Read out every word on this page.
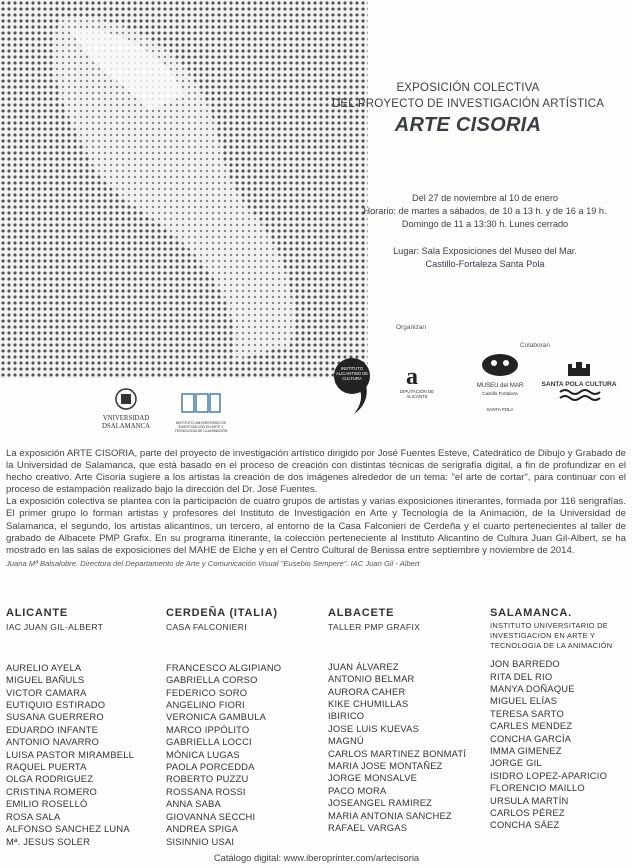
EXPOSICIÓN COLECTIVA
DEL PROYECTO DE INVESTIGACIÓN ARTÍSTICA
ARTE CISORIA
Del 27 de noviembre al 10 de enero
Horario: de martes a sábados, de 10 a 13 h. y de 16 a 19 h.
Domingo de 11 a 13:30 h. Lunes cerrado
Lugar: Sala Exposiciones del Museo del Mar.
Castillo-Fortaleza Santa Pola
Organizan
Colaboran
INSTITUTO ALICANTINO DE CULTURA	a
DIPUTACIÓN DE ALICANTE
MUSEU del MAR
Castillo Fortaleza
SANTA POLA
SANTA POLA CULTURA
VNIVERSIDAD
DSALAMANCA	INSTITUTO UNIVERSITARIO DE INVESTIGACIÓN EN ARTE Y TECNOLOGÍA DE LA ANIMACIÓN

La exposición ARTE CISORIA, parte del proyecto de investigación artístico dirigido por José Fuentes Esteve, Catedrático de Dibujo y Grabado de la Universidad de Salamanca, que está basado en el proceso de creación con distintas técnicas de serigrafía digital, a fin de profundizar en el hecho creativo. Arte Cisoria sugiere a los artistas la creación de dos imágenes alrededor de un tema: "el arte de cortar", para continuar con el proceso de estampación realizado bajo la dirección del Dr. José Fuentes.

La exposición colectiva se plantea con la participación de cuatro grupos de artistas y varias exposiciones itinerantes, formada por 116 serigrafías. El primer grupo lo forman artistas y profesores del Instituto de Investigación en Arte y Tecnología de la Animación, de la Universidad de Salamanca, el segundo, los artistas alicantinos, un tercero, al entorno de la Casa Falconieri de Cerdeña y el cuarto pertenecientes al taller de grabado de Albacete PMP Grafix. En su programa itinerante, la colección perteneciente al Instituto Alicantino de Cultura Juan Gil-Albert, se ha mostrado en las salas de exposiciones del MAHE de Elche y en el Centro Cultural de Benissa entre septiembre y noviembre de 2014.

Juana Mª Balsalobre. Directora del Departamento de Arte y Comunicación Visual "Eusebio Sempere". IAC Juan Gil - Albert
ALICANTE
IAC JUAN GIL-ALBERT
AURELIO AYELA
MIGUEL BAÑULS
VICTOR CAMARA
EUTIQUIO ESTIRADO
SUSANA GUERRERO
EDUARDO INFANTE
ANTONIO NAVARRO
LUISA PASTOR MIRAMBELL
RAQUEL PUERTA
OLGA RODRIGUEZ
CRISTINA ROMERO
EMILIO ROSELLÓ
ROSA SALA
ALFONSO SANCHEZ LUNA
Mª. JESUS SOLER
CERDEÑA (ITALIA)
CASA FALCONIERI
FRANCESCO ALGIPIANO
GABRIELLA CORSO
FEDERICO SORO
ANGELINO FIORI
VERONICA GAMBULA
MARCO IPPÓLITO
GABRIELLA LOCCI
MÓNICA LUGAS
PAOLA PORCEDDA
ROBERTO PUZZU
ROSSANA ROSSI
ANNA SABA
GIOVANNA SECCHI
ANDREA SPIGA
SISINNIO USAI
ALBACETE
TALLER PMP GRAFIX
JUAN ÁLVAREZ
ANTONIO BELMAR
AURORA CAHER
KIKE CHUMILLAS
IBIRICO
JOSE LUIS KUEVAS
MAGNÚ
CARLOS MARTINEZ BONMATÍ
MARIA JOSE MONTAÑEZ
JORGE MONSALVE
PACO MORA
JOSEANGEL RAMIREZ
MARIA ANTONIA SANCHEZ
RAFAEL VARGAS
SALAMANCA.
INSTITUTO UNIVERSITARIO DE INVESTIGACION EN ARTE Y TECNOLOGIA DE LA ANIMACIÓN
JON BARREDO
RITA DEL RIO
MANYA DOÑAQUE
MIGUEL ELÍAS
TERESA SARTO
CARLES MENDEZ
CONCHA GARCÍA
IMMA GIMENEZ
JORGE GIL
ISIDRO LOPEZ-APARICIO
FLORENCIO MAILLO
URSULA MARTÍN
CARLOS PÉREZ
CONCHA SÁEZ
Catálogo digital: www.iberoprinter.com/artecisoria
